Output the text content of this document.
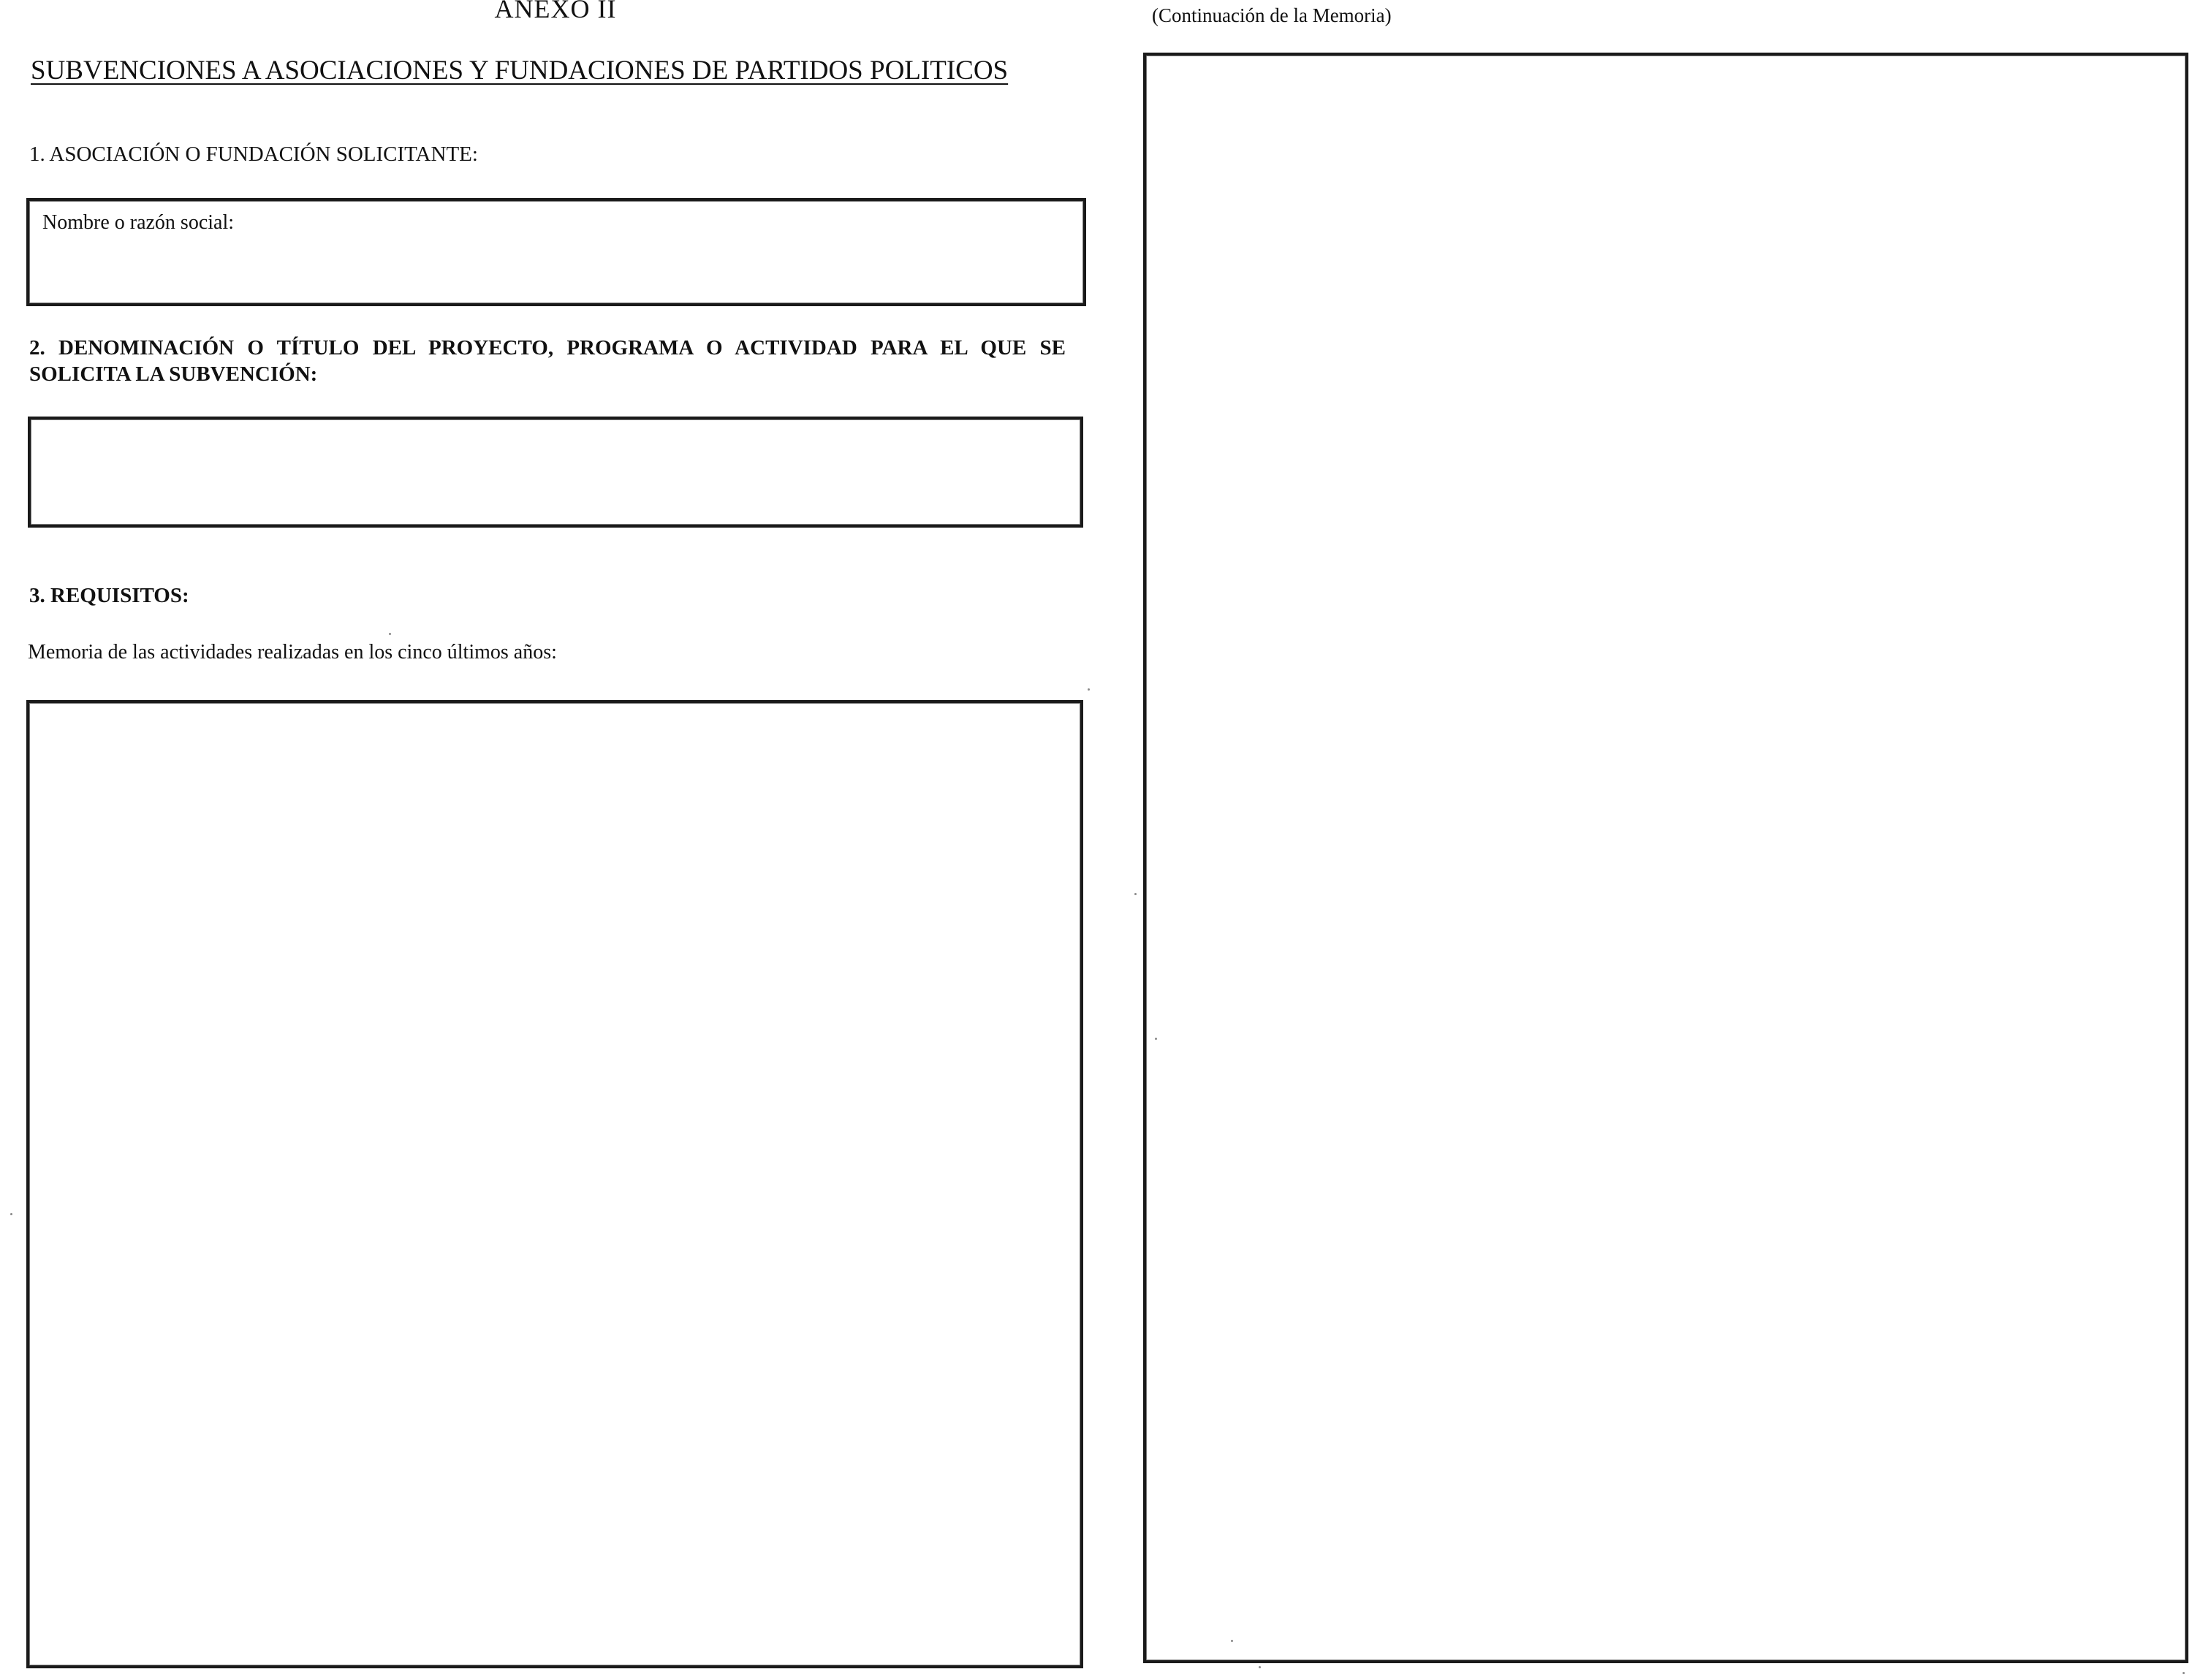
ANEXO II
SUBVENCIONES A ASOCIACIONES Y FUNDACIONES DE PARTIDOS POLITICOS
1. ASOCIACIÓN O FUNDACIÓN SOLICITANTE:
Nombre o razón social:
2. DENOMINACIÓN O TÍTULO DEL PROYECTO, PROGRAMA O ACTIVIDAD PARA EL QUE SE SOLICITA LA SUBVENCIÓN:
3. REQUISITOS:
Memoria de las actividades realizadas en los cinco últimos años:
(Continuación de la Memoria)
